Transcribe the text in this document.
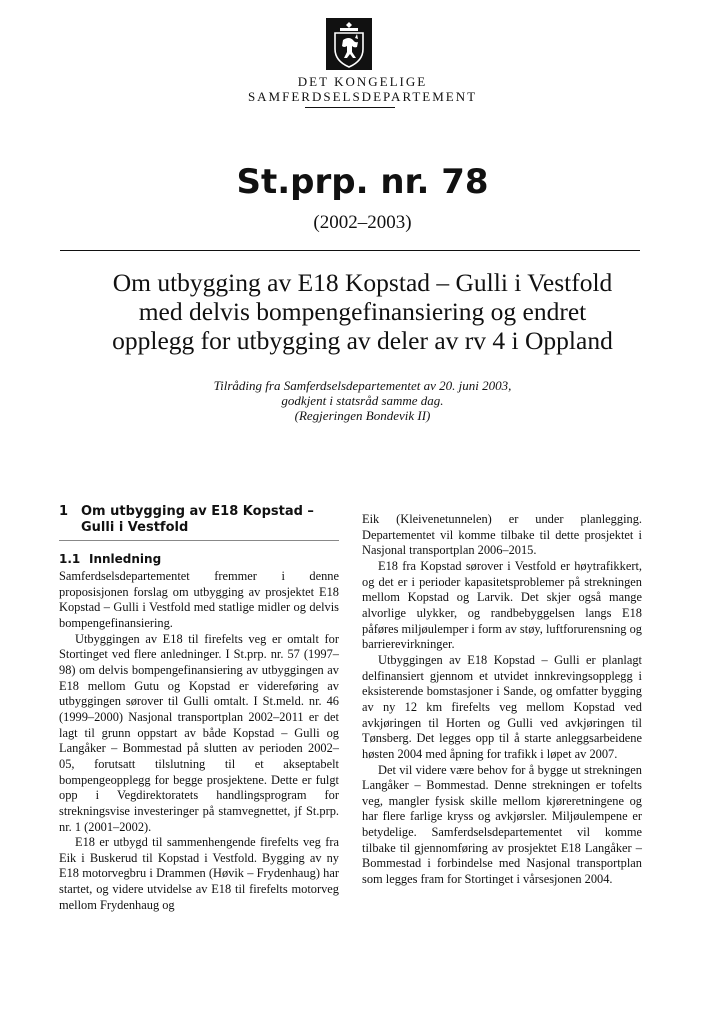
DET KONGELIGE
SAMFERDSELSDEPARTEMENT
St.prp. nr. 78
(2002–2003)
Om utbygging av E18 Kopstad – Gulli i Vestfold
med delvis bompengefinansiering og endret
opplegg for utbygging av deler av rv 4 i Oppland
Tilråding fra Samferdselsdepartementet av 20. juni 2003,
godkjent i statsråd samme dag.
(Regjeringen Bondevik II)
1 Om utbygging av E18 Kopstad –
Gulli i Vestfold
1.1 Innledning

Samferdselsdepartementet fremmer i denne proposisjonen forslag om utbygging av prosjektet E18 Kopstad – Gulli i Vestfold med statlige midler og delvis bompengefinansiering.

Utbyggingen av E18 til firefelts veg er omtalt for Stortinget ved flere anledninger. I St.prp. nr. 57 (1997–98) om delvis bompengefinansiering av utbyggingen av E18 mellom Gutu og Kopstad er videreføring av utbyggingen sørover til Gulli omtalt. I St.meld. nr. 46 (1999–2000) Nasjonal transportplan 2002–2011 er det lagt til grunn oppstart av både Kopstad – Gulli og Langåker – Bommestad på slutten av perioden 2002–05, forutsatt tilslutning til et akseptabelt bompengeopplegg for begge prosjektene. Dette er fulgt opp i Vegdirektoratets handlingsprogram for strekningsvise investeringer på stamvegnettet, jf St.prp. nr. 1 (2001–2002).

E18 er utbygd til sammenhengende firefelts veg fra Eik i Buskerud til Kopstad i Vestfold. Bygging av ny E18 motorvegbru i Drammen (Høvik – Frydenhaug) har startet, og videre utvidelse av E18 til firefelts motorveg mellom Frydenhaug og

Eik (Kleivenetunnelen) er under planlegging. Departementet vil komme tilbake til dette prosjektet i Nasjonal transportplan 2006–2015.

E18 fra Kopstad sørover i Vestfold er høytrafikkert, og det er i perioder kapasitetsproblemer på strekningen mellom Kopstad og Larvik. Det skjer også mange alvorlige ulykker, og randbebyggelsen langs E18 påføres miljøulemper i form av støy, luftforurensning og barrierevirkninger.

Utbyggingen av E18 Kopstad – Gulli er planlagt delfinansiert gjennom et utvidet innkrevingsopplegg i eksisterende bomstasjoner i Sande, og omfatter bygging av ny 12 km firefelts veg mellom Kopstad ved avkjøringen til Horten og Gulli ved avkjøringen til Tønsberg. Det legges opp til å starte anleggsarbeidene høsten 2004 med åpning for trafikk i løpet av 2007.

Det vil videre være behov for å bygge ut strekningen Langåker – Bommestad. Denne strekningen er tofelts veg, mangler fysisk skille mellom kjøreretningene og har flere farlige kryss og avkjørsler. Miljøulempene er betydelige. Samferdselsdepartementet vil komme tilbake til gjennomføring av prosjektet E18 Langåker – Bommestad i forbindelse med Nasjonal transportplan som legges fram for Stortinget i vårsesjonen 2004.
